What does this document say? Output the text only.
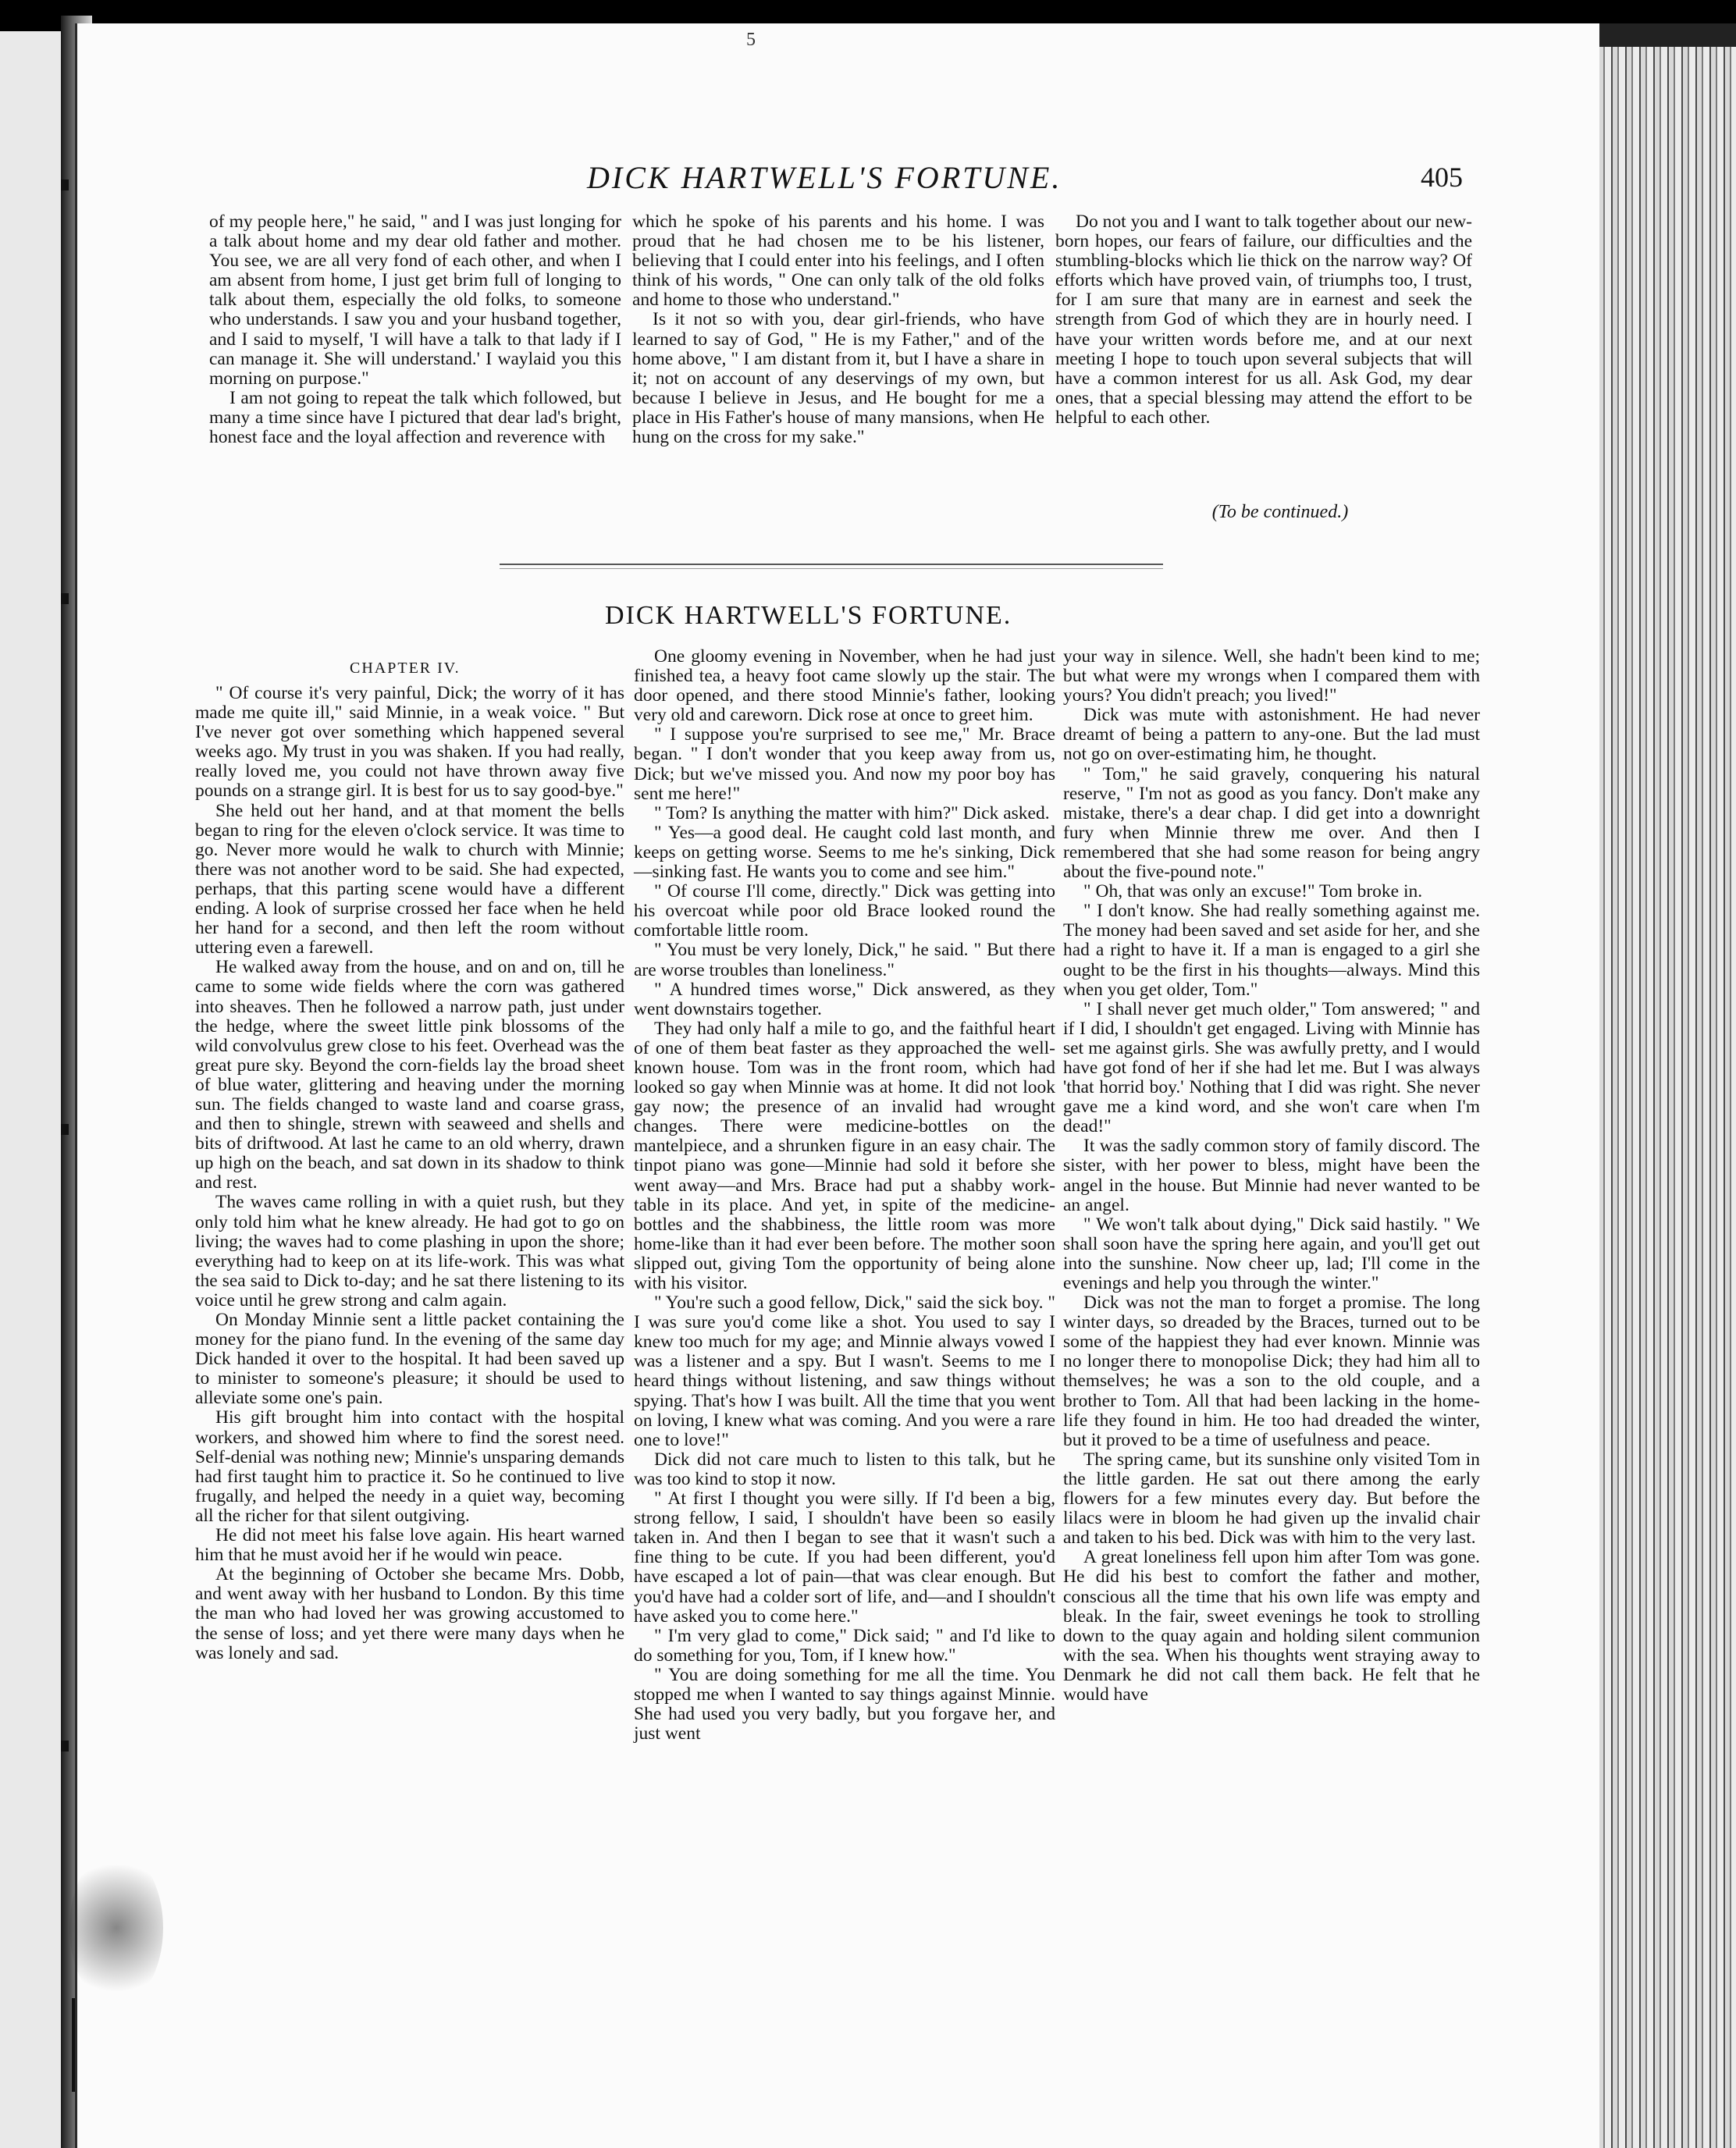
5
DICK HARTWELL'S FORTUNE.	405

of my people here," he said, " and I was just longing for a talk about home and my dear old father and mother. You see, we are all very fond of each other, and when I am absent from home, I just get brim full of longing to talk about them, especially the old folks, to someone who understands. I saw you and your husband together, and I said to myself, 'I will have a talk to that lady if I can manage it. She will understand.' I waylaid you this morning on purpose."

I am not going to repeat the talk which followed, but many a time since have I pictured that dear lad's bright, honest face and the loyal affection and reverence with

which he spoke of his parents and his home. I was proud that he had chosen me to be his listener, believing that I could enter into his feelings, and I often think of his words, " One can only talk of the old folks and home to those who understand."

Is it not so with you, dear girl-friends, who have learned to say of God, " He is my Father," and of the home above, " I am distant from it, but I have a share in it; not on account of any deservings of my own, but because I believe in Jesus, and He bought for me a place in His Father's house of many mansions, when He hung on the cross for my sake."

Do not you and I want to talk together about our new-born hopes, our fears of failure, our difficulties and the stumbling-blocks which lie thick on the narrow way? Of efforts which have proved vain, of triumphs too, I trust, for I am sure that many are in earnest and seek the strength from God of which they are in hourly need. I have your written words before me, and at our next meeting I hope to touch upon several subjects that will have a common interest for us all. Ask God, my dear ones, that a special blessing may attend the effort to be helpful to each other.

(To be continued.)
DICK HARTWELL'S FORTUNE.
CHAPTER IV.

" Of course it's very painful, Dick; the worry of it has made me quite ill," said Minnie, in a weak voice. " But I've never got over something which happened several weeks ago. My trust in you was shaken. If you had really, really loved me, you could not have thrown away five pounds on a strange girl. It is best for us to say good-bye."

She held out her hand, and at that moment the bells began to ring for the eleven o'clock service. It was time to go. Never more would he walk to church with Minnie; there was not another word to be said. She had expected, perhaps, that this parting scene would have a different ending. A look of surprise crossed her face when he held her hand for a second, and then left the room without uttering even a farewell.

He walked away from the house, and on and on, till he came to some wide fields where the corn was gathered into sheaves. Then he followed a narrow path, just under the hedge, where the sweet little pink blossoms of the wild convolvulus grew close to his feet. Overhead was the great pure sky. Beyond the corn-fields lay the broad sheet of blue water, glittering and heaving under the morning sun. The fields changed to waste land and coarse grass, and then to shingle, strewn with seaweed and shells and bits of driftwood. At last he came to an old wherry, drawn up high on the beach, and sat down in its shadow to think and rest.

The waves came rolling in with a quiet rush, but they only told him what he knew already. He had got to go on living; the waves had to come plashing in upon the shore; everything had to keep on at its life-work. This was what the sea said to Dick to-day; and he sat there listening to its voice until he grew strong and calm again.

On Monday Minnie sent a little packet containing the money for the piano fund. In the evening of the same day Dick handed it over to the hospital. It had been saved up to minister to someone's pleasure; it should be used to alleviate some one's pain.

His gift brought him into contact with the hospital workers, and showed him where to find the sorest need. Self-denial was nothing new; Minnie's unsparing demands had first taught him to practice it. So he continued to live frugally, and helped the needy in a quiet way, becoming all the richer for that silent outgiving.

He did not meet his false love again. His heart warned him that he must avoid her if he would win peace.

At the beginning of October she became Mrs. Dobb, and went away with her husband to London. By this time the man who had loved her was growing accustomed to the sense of loss; and yet there were many days when he was lonely and sad.

One gloomy evening in November, when he had just finished tea, a heavy foot came slowly up the stair. The door opened, and there stood Minnie's father, looking very old and careworn. Dick rose at once to greet him.

" I suppose you're surprised to see me," Mr. Brace began. " I don't wonder that you keep away from us, Dick; but we've missed you. And now my poor boy has sent me here!"

" Tom? Is anything the matter with him?" Dick asked.

" Yes—a good deal. He caught cold last month, and keeps on getting worse. Seems to me he's sinking, Dick—sinking fast. He wants you to come and see him."

" Of course I'll come, directly." Dick was getting into his overcoat while poor old Brace looked round the comfortable little room.

" You must be very lonely, Dick," he said. " But there are worse troubles than loneliness."

" A hundred times worse," Dick answered, as they went downstairs together.

They had only half a mile to go, and the faithful heart of one of them beat faster as they approached the well-known house. Tom was in the front room, which had looked so gay when Minnie was at home. It did not look gay now; the presence of an invalid had wrought changes. There were medicine-bottles on the mantelpiece, and a shrunken figure in an easy chair. The tinpot piano was gone—Minnie had sold it before she went away—and Mrs. Brace had put a shabby work-table in its place. And yet, in spite of the medicine-bottles and the shabbiness, the little room was more home-like than it had ever been before. The mother soon slipped out, giving Tom the opportunity of being alone with his visitor.

" You're such a good fellow, Dick," said the sick boy. " I was sure you'd come like a shot. You used to say I knew too much for my age; and Minnie always vowed I was a listener and a spy. But I wasn't. Seems to me I heard things without listening, and saw things without spying. That's how I was built. All the time that you went on loving, I knew what was coming. And you were a rare one to love!"

Dick did not care much to listen to this talk, but he was too kind to stop it now.

" At first I thought you were silly. If I'd been a big, strong fellow, I said, I shouldn't have been so easily taken in. And then I began to see that it wasn't such a fine thing to be cute. If you had been different, you'd have escaped a lot of pain—that was clear enough. But you'd have had a colder sort of life, and—and I shouldn't have asked you to come here."

" I'm very glad to come," Dick said; " and I'd like to do something for you, Tom, if I knew how."

" You are doing something for me all the time. You stopped me when I wanted to say things against Minnie. She had used you very badly, but you forgave her, and just went

your way in silence. Well, she hadn't been kind to me; but what were my wrongs when I compared them with yours? You didn't preach; you lived!"

Dick was mute with astonishment. He had never dreamt of being a pattern to any-one. But the lad must not go on over-estimating him, he thought.

" Tom," he said gravely, conquering his natural reserve, " I'm not as good as you fancy. Don't make any mistake, there's a dear chap. I did get into a downright fury when Minnie threw me over. And then I remembered that she had some reason for being angry about the five-pound note."

" Oh, that was only an excuse!" Tom broke in.

" I don't know. She had really something against me. The money had been saved and set aside for her, and she had a right to have it. If a man is engaged to a girl she ought to be the first in his thoughts—always. Mind this when you get older, Tom."

" I shall never get much older," Tom answered; " and if I did, I shouldn't get engaged. Living with Minnie has set me against girls. She was awfully pretty, and I would have got fond of her if she had let me. But I was always 'that horrid boy.' Nothing that I did was right. She never gave me a kind word, and she won't care when I'm dead!"

It was the sadly common story of family discord. The sister, with her power to bless, might have been the angel in the house. But Minnie had never wanted to be an angel.

" We won't talk about dying," Dick said hastily. " We shall soon have the spring here again, and you'll get out into the sunshine. Now cheer up, lad; I'll come in the evenings and help you through the winter."

Dick was not the man to forget a promise. The long winter days, so dreaded by the Braces, turned out to be some of the happiest they had ever known. Minnie was no longer there to monopolise Dick; they had him all to themselves; he was a son to the old couple, and a brother to Tom. All that had been lacking in the home-life they found in him. He too had dreaded the winter, but it proved to be a time of usefulness and peace.

The spring came, but its sunshine only visited Tom in the little garden. He sat out there among the early flowers for a few minutes every day. But before the lilacs were in bloom he had given up the invalid chair and taken to his bed. Dick was with him to the very last.

A great loneliness fell upon him after Tom was gone. He did his best to comfort the father and mother, conscious all the time that his own life was empty and bleak. In the fair, sweet evenings he took to strolling down to the quay again and holding silent communion with the sea. When his thoughts went straying away to Denmark he did not call them back. He felt that he would have
